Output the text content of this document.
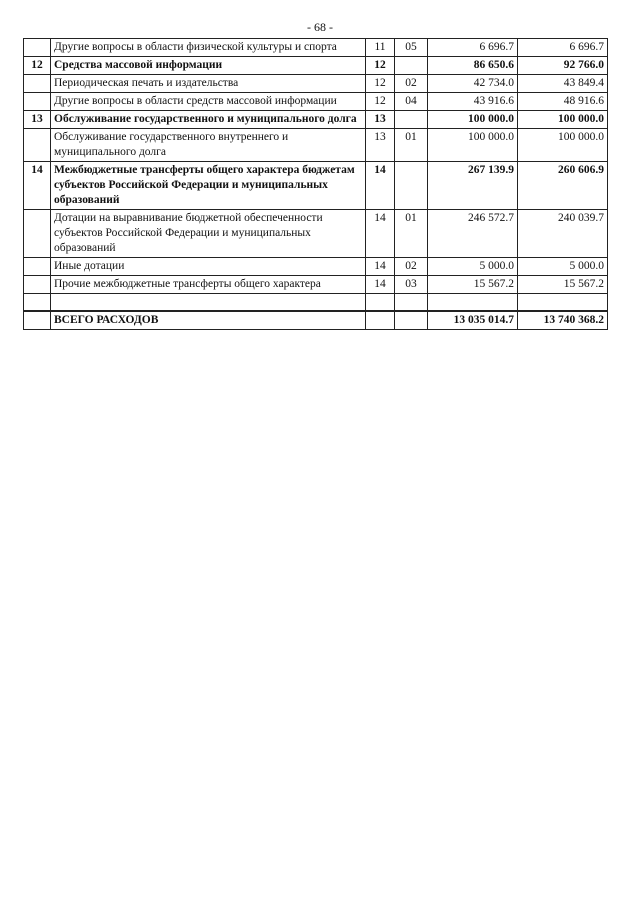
- 68 -
	Другие вопросы в области физической культуры и спорта	11	05	6 696.7	6 696.7
12	Средства массовой информации	12		86 650.6	92 766.0
	Периодическая печать и издательства	12	02	42 734.0	43 849.4
	Другие вопросы в области средств массовой информации	12	04	43 916.6	48 916.6
13	Обслуживание государственного и муниципального долга	13		100 000.0	100 000.0
	Обслуживание государственного внутреннего и муниципального долга	13	01	100 000.0	100 000.0
14	Межбюджетные трансферты общего характера бюджетам субъектов Российской Федерации и муниципальных образований	14		267 139.9	260 606.9
	Дотации на выравнивание бюджетной обеспеченности субъектов Российской Федерации и муниципальных образований	14	01	246 572.7	240 039.7
	Иные дотации	14	02	5 000.0	5 000.0
	Прочие межбюджетные трансферты общего характера	14	03	15 567.2	15 567.2

	ВСЕГО РАСХОДОВ			13 035 014.7	13 740 368.2
